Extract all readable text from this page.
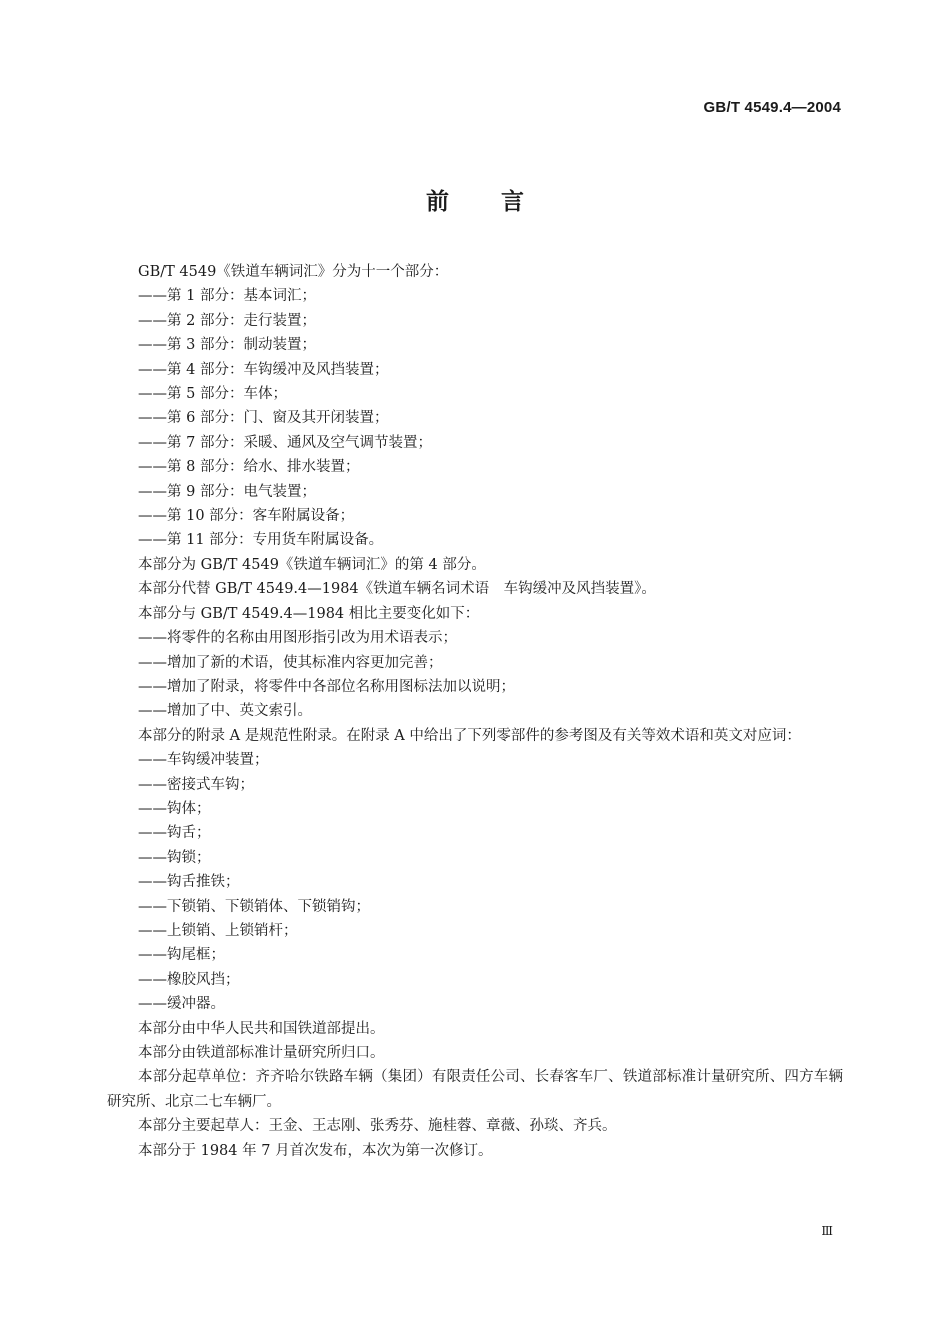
GB/T 4549.4—2004
前言

GB/T 4549《铁道车辆词汇》分为十一个部分：

——第 1 部分：基本词汇；

——第 2 部分：走行装置；

——第 3 部分：制动装置；

——第 4 部分：车钩缓冲及风挡装置；

——第 5 部分：车体；

——第 6 部分：门、窗及其开闭装置；

——第 7 部分：采暖、通风及空气调节装置；

——第 8 部分：给水、排水装置；

——第 9 部分：电气装置；

——第 10 部分：客车附属设备；

——第 11 部分：专用货车附属设备。

本部分为 GB/T 4549《铁道车辆词汇》的第 4 部分。

本部分代替 GB/T 4549.4—1984《铁道车辆名词术语　车钩缓冲及风挡装置》。

本部分与 GB/T 4549.4—1984 相比主要变化如下：

——将零件的名称由用图形指引改为用术语表示；

——增加了新的术语，使其标准内容更加完善；

——增加了附录，将零件中各部位名称用图标法加以说明；

——增加了中、英文索引。

本部分的附录 A 是规范性附录。在附录 A 中给出了下列零部件的参考图及有关等效术语和英文对应词：

——车钩缓冲装置；

——密接式车钩；

——钩体；

——钩舌；

——钩锁；

——钩舌推铁；

——下锁销、下锁销体、下锁销钩；

——上锁销、上锁销杆；

——钩尾框；

——橡胶风挡；

——缓冲器。

本部分由中华人民共和国铁道部提出。

本部分由铁道部标准计量研究所归口。

本部分起草单位：齐齐哈尔铁路车辆（集团）有限责任公司、长春客车厂、铁道部标准计量研究所、四方车辆研究所、北京二七车辆厂。

本部分主要起草人：王金、王志刚、张秀芬、施桂蓉、章薇、孙琰、齐兵。

本部分于 1984 年 7 月首次发布，本次为第一次修订。

Ⅲ
